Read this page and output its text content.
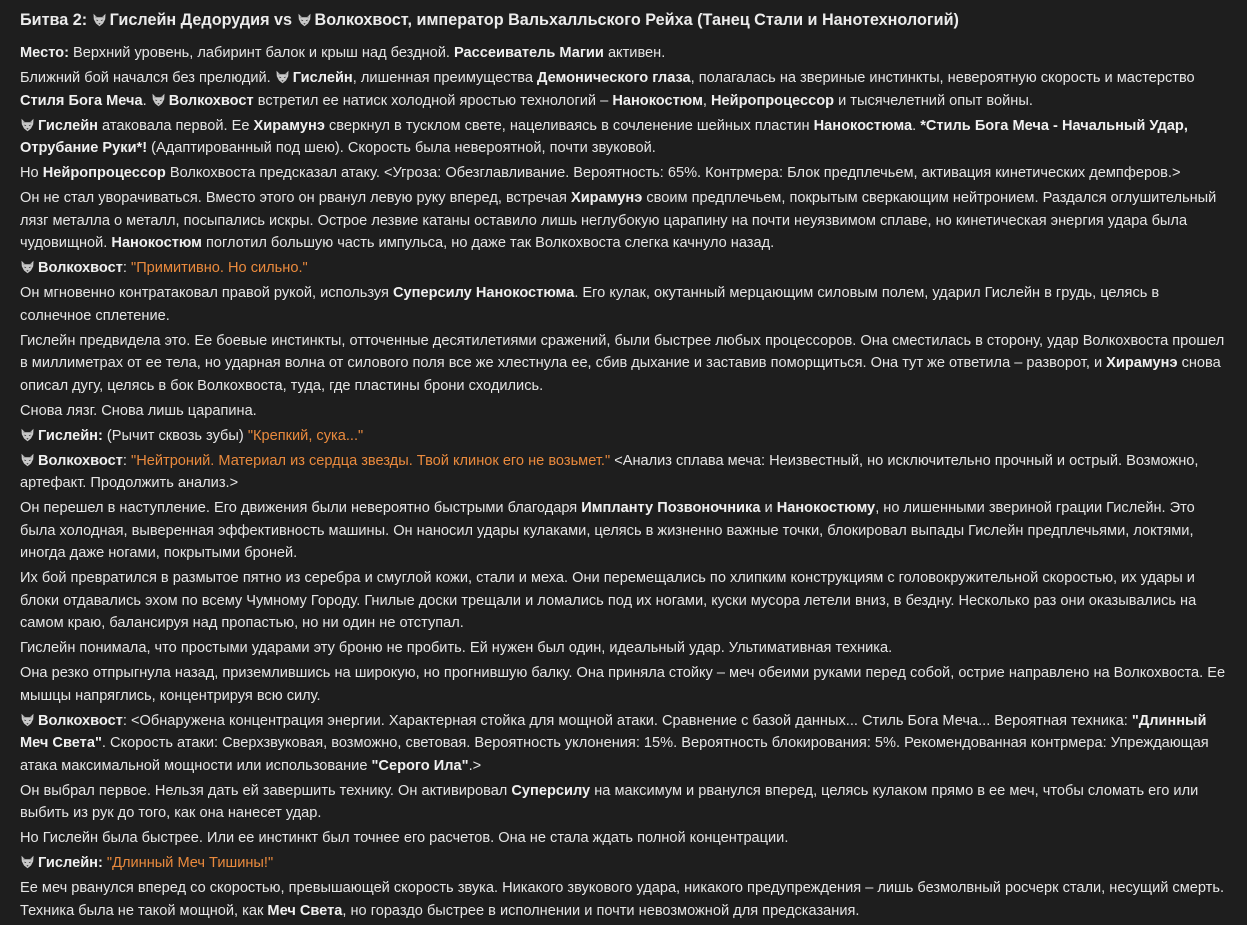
Битва 2: Гислейн Дедорудия vs Волкохвост, император Вальхалльского Рейха (Танец Стали и Нанотехнологий)

Место: Верхний уровень, лабиринт балок и крыш над бездной. Рассеиватель Магии активен.

Ближний бой начался без прелюдий.
Гислейн, лишенная преимущества Демонического глаза, полагалась на звериные инстинкты, невероятную скорость и мастерство Стиля Бога Меча.
Волкохвост встретил ее натиск холодной яростью технологий – Нанокостюм, Нейропроцессор и тысячелетний опыт войны.

Гислейн атаковала первой. Ее Хирамунэ сверкнул в тусклом свете, нацеливаясь в сочленение шейных пластин Нанокостюма. *Стиль Бога Меча - Начальный Удар, Отрубание Руки*! (Адаптированный под шею). Скорость была невероятной, почти звуковой.

Но Нейропроцессор Волкохвоста предсказал атаку. <Угроза: Обезглавливание. Вероятность: 65%. Контрмера: Блок предплечьем, активация кинетических демпферов.>

Он не стал уворачиваться. Вместо этого он рванул левую руку вперед, встречая Хирамунэ своим предплечьем, покрытым сверкающим нейтронием. Раздался оглушительный лязг металла о металл, посыпались искры. Острое лезвие катаны оставило лишь неглубокую царапину на почти неуязвимом сплаве, но кинетическая энергия удара была чудовищной. Нанокостюм поглотил большую часть импульса, но даже так Волкохвоста слегка качнуло назад.

Волкохвост: "Примитивно. Но сильно."

Он мгновенно контратаковал правой рукой, используя Суперсилу Нанокостюма. Его кулак, окутанный мерцающим силовым полем, ударил Гислейн в грудь, целясь в солнечное сплетение.

Гислейн предвидела это. Ее боевые инстинкты, отточенные десятилетиями сражений, были быстрее любых процессоров. Она сместилась в сторону, удар Волкохвоста прошел в миллиметрах от ее тела, но ударная волна от силового поля все же хлестнула ее, сбив дыхание и заставив поморщиться. Она тут же ответила – разворот, и Хирамунэ снова описал дугу, целясь в бок Волкохвоста, туда, где пластины брони сходились.

Снова лязг. Снова лишь царапина.

Гислейн: (Рычит сквозь зубы) "Крепкий, сука..."

Волкохвост: "Нейтроний. Материал из сердца звезды. Твой клинок его не возьмет." <Анализ сплава меча: Неизвестный, но исключительно прочный и острый. Возможно, артефакт. Продолжить анализ.>

Он перешел в наступление. Его движения были невероятно быстрыми благодаря Импланту Позвоночника и Нанокостюму, но лишенными звериной грации Гислейн. Это была холодная, выверенная эффективность машины. Он наносил удары кулаками, целясь в жизненно важные точки, блокировал выпады Гислейн предплечьями, локтями, иногда даже ногами, покрытыми броней.

Их бой превратился в размытое пятно из серебра и смуглой кожи, стали и меха. Они перемещались по хлипким конструкциям с головокружительной скоростью, их удары и блоки отдавались эхом по всему Чумному Городу. Гнилые доски трещали и ломались под их ногами, куски мусора летели вниз, в бездну. Несколько раз они оказывались на самом краю, балансируя над пропастью, но ни один не отступал.

Гислейн понимала, что простыми ударами эту броню не пробить. Ей нужен был один, идеальный удар. Ультимативная техника.

Она резко отпрыгнула назад, приземлившись на широкую, но прогнившую балку. Она приняла стойку – меч обеими руками перед собой, острие направлено на Волкохвоста. Ее мышцы напряглись, концентрируя всю силу.

Волкохвост: <Обнаружена концентрация энергии. Характерная стойка для мощной атаки. Сравнение с базой данных... Стиль Бога Меча... Вероятная техника: "Длинный Меч Света". Скорость атаки: Сверхзвуковая, возможно, световая. Вероятность уклонения: 15%. Вероятность блокирования: 5%. Рекомендованная контрмера: Упреждающая атака максимальной мощности или использование "Серого Ила".>

Он выбрал первое. Нельзя дать ей завершить технику. Он активировал Суперсилу на максимум и рванулся вперед, целясь кулаком прямо в ее меч, чтобы сломать его или выбить из рук до того, как она нанесет удар.

Но Гислейн была быстрее. Или ее инстинкт был точнее его расчетов. Она не стала ждать полной концентрации.

Гислейн: "Длинный Меч Тишины!"

Ее меч рванулся вперед со скоростью, превышающей скорость звука. Никакого звукового удара, никакого предупреждения – лишь безмолвный росчерк стали, несущий смерть. Техника была не такой мощной, как Меч Света, но гораздо быстрее в исполнении и почти невозможной для предсказания.
